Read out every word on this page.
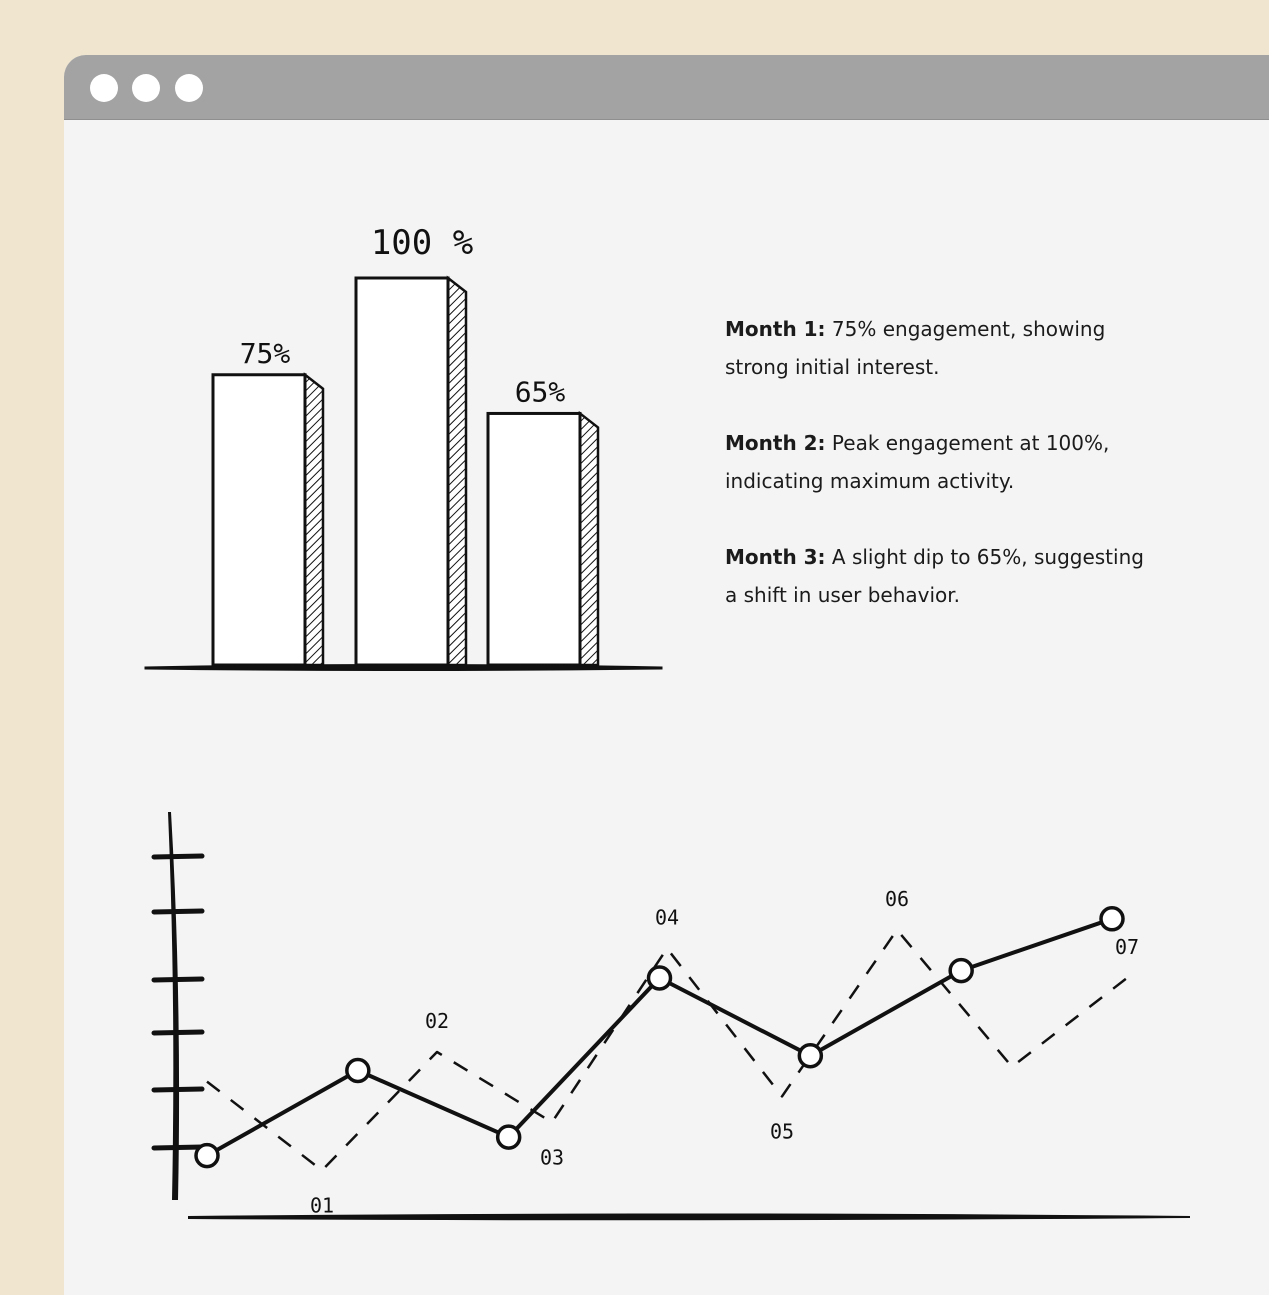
75%
100 %
65%
01
02
03
04
05
06
07

Month 1: 75% engagement, showing strong initial interest.

Month 2: Peak engagement at 100%, indicating maximum activity.

Month 3: A slight dip to 65%, suggesting a shift in user behavior.
